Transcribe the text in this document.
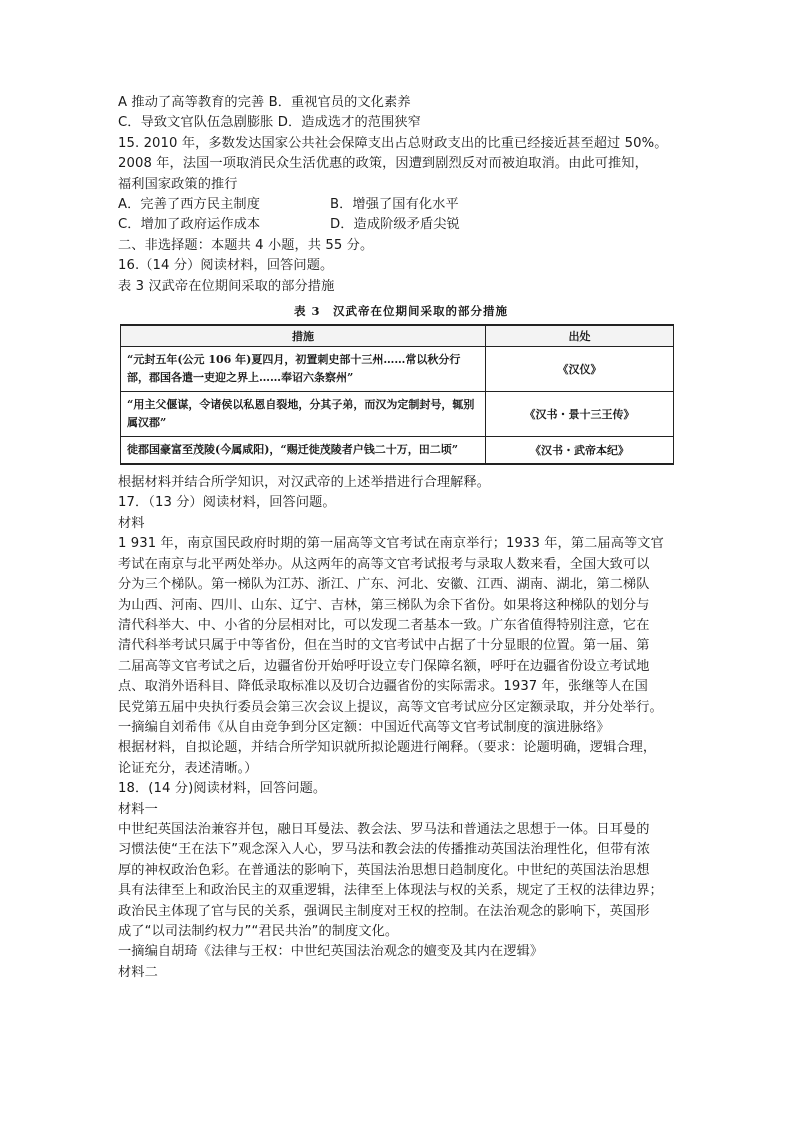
A 推动了高等教育的完善 B．重视官员的文化素养
C．导致文官队伍急剧膨胀 D．造成选才的范围狭窄
15. 2010 年，多数发达国家公共社会保障支出占总财政支出的比重已经接近甚至超过 50%。
2008 年，法国一项取消民众生活优惠的政策，因遭到剧烈反对而被迫取消。由此可推知，
福利国家政策的推行
A．完善了西方民主制度	B．增强了国有化水平
C．增加了政府运作成本	D．造成阶级矛盾尖锐
二、非选择题：本题共 4 小题，共 55 分。
16.（14 分）阅读材料，回答问题。
表 3 汉武帝在位期间采取的部分措施
表 3　汉武帝在位期间采取的部分措施
措施	出处
“元封五年(公元 106 年)夏四月，初置刺史部十三州……常以秋分行部，郡国各遣一吏迎之界上……奉诏六条察州”	《汉仪》
“用主父偃谋，令诸侯以私恩自裂地，分其子弟，而汉为定制封号，辄别属汉郡”	《汉书・景十三王传》
徙郡国豪富至茂陵(今属咸阳)，“赐迁徙茂陵者户钱二十万，田二顷”	《汉书・武帝本纪》
根据材料并结合所学知识，对汉武帝的上述举措进行合理解释。
17．（13 分）阅读材料，回答问题。
材料
1 931 年，南京国民政府时期的第一届高等文官考试在南京举行；1933 年，第二届高等文官
考试在南京与北平两处举办。从这两年的高等文官考试报考与录取人数来看，全国大致可以
分为三个梯队。第一梯队为江苏、浙江、广东、河北、安徽、江西、湖南、湖北，第二梯队
为山西、河南、四川、山东、辽宁、吉林，第三梯队为余下省份。如果将这种梯队的划分与
清代科举大、中、小省的分层相对比，可以发现二者基本一致。广东省值得特别注意，它在
清代科举考试只属于中等省份，但在当时的文官考试中占据了十分显眼的位置。第一届、第
二届高等文官考试之后，边疆省份开始呼吁设立专门保障名额，呼吁在边疆省份设立考试地
点、取消外语科目、降低录取标准以及切合边疆省份的实际需求。1937 年，张继等人在国
民党第五届中央执行委员会第三次会议上提议，高等文官考试应分区定额录取，并分处举行。
一摘编自刘希伟《从自由竞争到分区定额：中国近代高等文官考试制度的演进脉络》
根据材料，自拟论题，并结合所学知识就所拟论题进行阐释。（要求：论题明确，逻辑合理，
论证充分，表述清晰。）
18．(14 分)阅读材料，回答问题。
材料一
中世纪英国法治兼容并包，融日耳曼法、教会法、罗马法和普通法之思想于一体。日耳曼的
习惯法使“王在法下”观念深入人心，罗马法和教会法的传播推动英国法治理性化，但带有浓
厚的神权政治色彩。在普通法的影响下，英国法治思想日趋制度化。中世纪的英国法治思想
具有法律至上和政治民主的双重逻辑，法律至上体现法与权的关系，规定了王权的法律边界；
政治民主体现了官与民的关系，强调民主制度对王权的控制。在法治观念的影响下，英国形
成了“以司法制约权力”“君民共治”的制度文化。
一摘编自胡琦《法律与王权：中世纪英国法治观念的嬗变及其内在逻辑》
材料二
